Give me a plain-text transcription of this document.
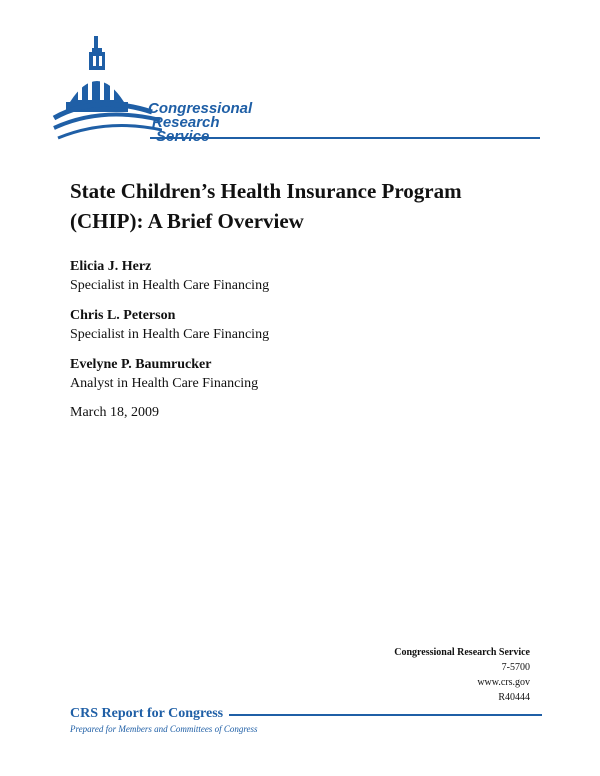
Congressional
Research
State Children’s Health Insurance Program
(CHIP): A Brief Overview
Elicia J. Herz
Specialist in Health Care Financing
Chris L. Peterson
Specialist in Health Care Financing
Evelyne P. Baumrucker
Analyst in Health Care Financing
March 18, 2009
Congressional Research Service
7-5700
www.crs.gov
R40444
CRS Report for Congress
Prepared for Members and Committees of Congress
